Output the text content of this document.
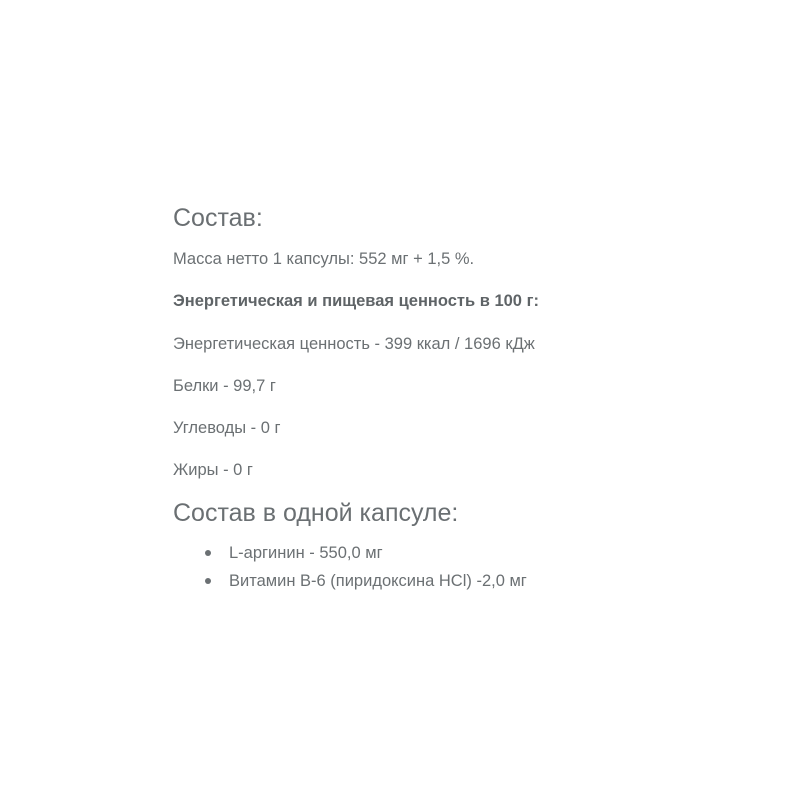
Состав:

Масса нетто 1 капсулы: 552 мг + 1,5 %.

Энергетическая и пищевая ценность в 100 г:

Энергетическая ценность - 399 ккал / 1696 кДж

Белки - 99,7 г

Углеводы - 0 г

Жиры - 0 г

Состав в одной капсуле:
L-аргинин - 550,0 мг
Витамин В-6 (пиридоксина HCl) -2,0 мг
